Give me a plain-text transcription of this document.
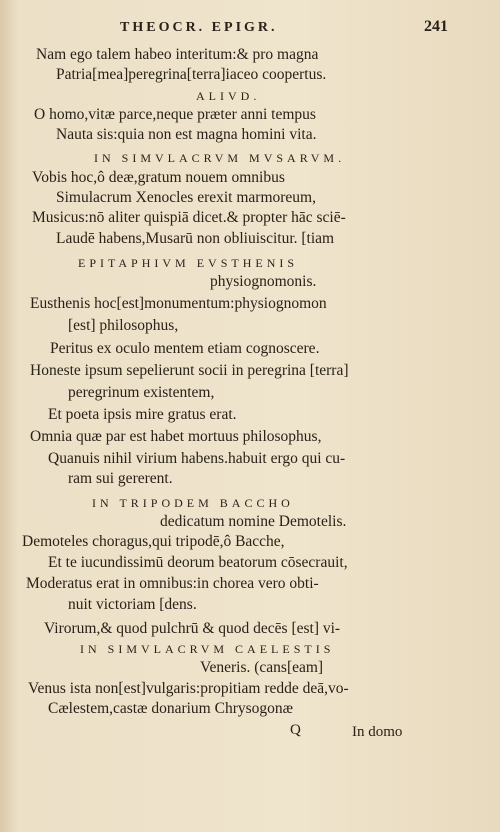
THEOCR. EPIGR.	241
Nam ego talem habeo interitum:& pro magna
Patria[mea]peregrina[terra]iaceo coopertus.
ALIVD.
O homo,vitæ parce,neque præter anni tempus
Nauta sis:quia non est magna homini vita.
IN SIMVLACRVM MVSARVM.
Vobis hoc,ô deæ,gratum nouem omnibus
Simulacrum Xenocles erexit marmoreum,
Musicus:nō aliter quispiā dicet.& propter hāc sciē-
Laudē habens,Musarū non obliuiscitur. [tiam
EPITAPHIVM EVSTHENIS
physiognomonis.
Eusthenis hoc[est]monumentum:physiognomon
[est] philosophus,
Peritus ex oculo mentem etiam cognoscere.
Honeste ipsum sepelierunt socii in peregrina [terra]
peregrinum existentem,
Et poeta ipsis mire gratus erat.
Omnia quæ par est habet mortuus philosophus,
Quanuis nihil virium habens.habuit ergo qui cu-
ram sui gererent.
IN TRIPODEM BACCHO
dedicatum nomine Demotelis.
Demoteles choragus,qui tripodē,ô Bacche,
Et te iucundissimū deorum beatorum cōsecrauit,
Moderatus erat in omnibus:in chorea vero obti-
nuit victoriam [dens.
Virorum,& quod pulchrū & quod decēs [est] vi-
IN SIMVLACRVM CAELESTIS
Veneris. (cans[eam]
Venus ista non[est]vulgaris:propitiam redde deā,vo-
Cælestem,castæ donarium Chrysogonæ
Q	In domo
